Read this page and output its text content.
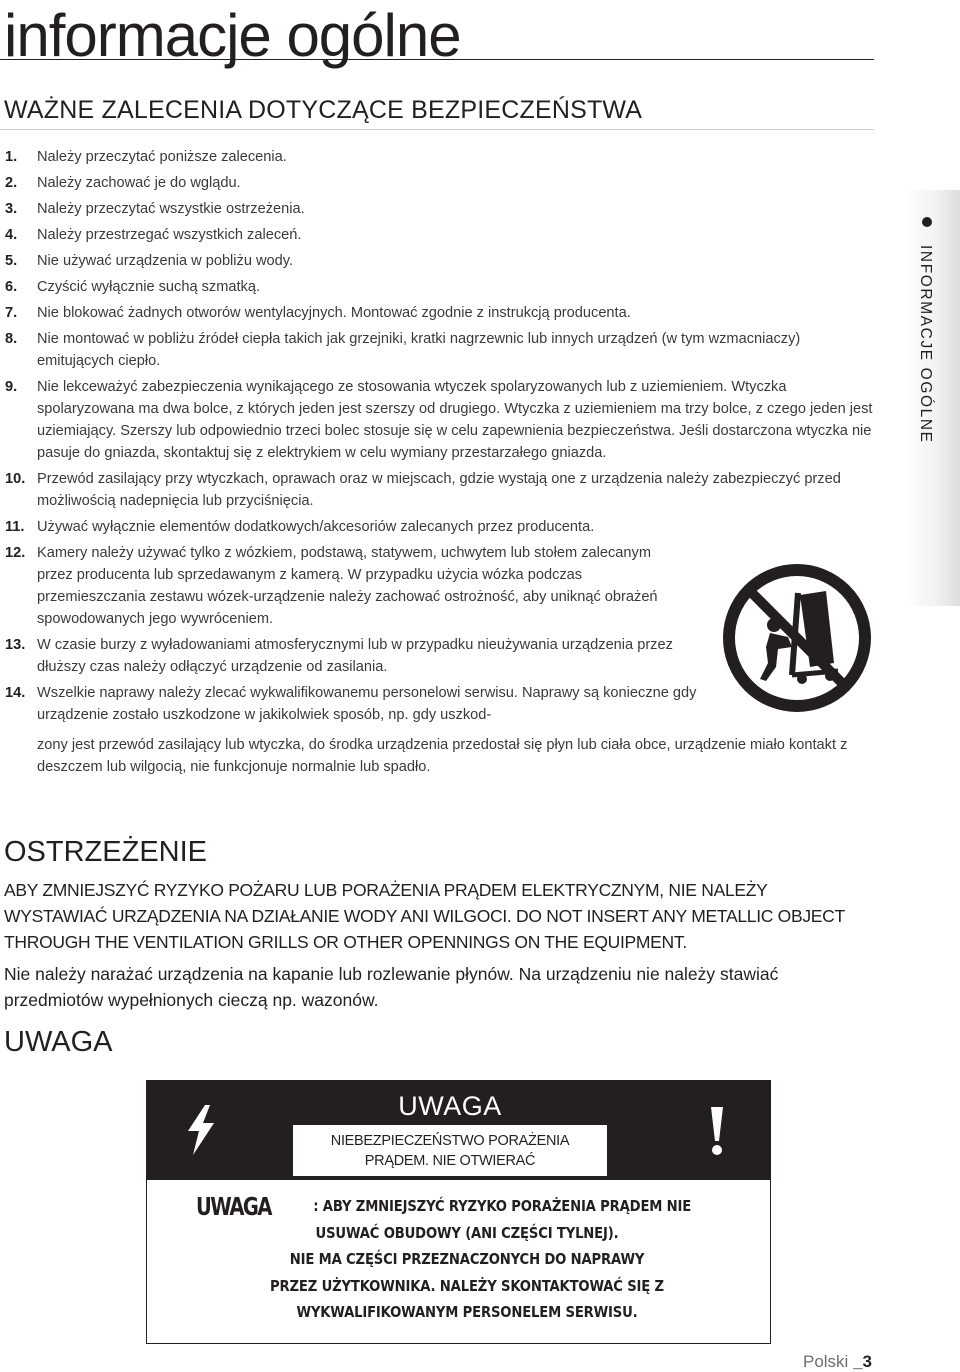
informacje ogólne
WAŻNE ZALECENIA DOTYCZĄCE BEZPIECZEŃSTWA
1. Należy przeczytać poniższe zalecenia.
2. Należy zachować je do wglądu.
3. Należy przeczytać wszystkie ostrzeżenia.
4. Należy przestrzegać wszystkich zaleceń.
5. Nie używać urządzenia w pobliżu wody.
6. Czyścić wyłącznie suchą szmatką.
7. Nie blokować żadnych otworów wentylacyjnych. Montować zgodnie z instrukcją producenta.
8. Nie montować w pobliżu źródeł ciepła takich jak grzejniki, kratki nagrzewnic lub innych urządzeń (w tym wzmacniaczy) emitujących ciepło.
9. Nie lekceważyć zabezpieczenia wynikającego ze stosowania wtyczek spolaryzowanych lub z uziemieniem. Wtyczka spolaryzowana ma dwa bolce, z których jeden jest szerszy od drugiego. Wtyczka z uziemieniem ma trzy bolce, z czego jeden jest uziemiający. Szerszy lub odpowiednio trzeci bolec stosuje się w celu zapewnienia bezpieczeństwa. Jeśli dostarczona wtyczka nie pasuje do gniazda, skontaktuj się z elektrykiem w celu wymiany przestarzałego gniazda.
10. Przewód zasilający przy wtyczkach, oprawach oraz w miejscach, gdzie wystają one z urządzenia należy zabezpieczyć przed możliwością nadepnięcia lub przyciśnięcia.
11. Używać wyłącznie elementów dodatkowych/akcesoriów zalecanych przez producenta.
12. Kamery należy używać tylko z wózkiem, podstawą, statywem, uchwytem lub stołem zalecanym przez producenta lub sprzedawanym z kamerą. W przypadku użycia wózka podczas przemieszczania zestawu wózek-urządzenie należy zachować ostrożność, aby uniknąć obrażeń spowodowanych jego wywróceniem.
13. W czasie burzy z wyładowaniami atmosferycznymi lub w przypadku nieużywania urządzenia przez dłuższy czas należy odłączyć urządzenie od zasilania.
14. Wszelkie naprawy należy zlecać wykwalifikowanemu personelowi serwisu. Naprawy są konieczne gdy urządzenie zostało uszkodzone w jakikolwiek sposób, np. gdy uszkod-
zony jest przewód zasilający lub wtyczka, do środka urządzenia przedostał się płyn lub ciała obce, urządzenie miało kontakt z deszczem lub wilgocią, nie funkcjonuje normalnie lub spadło.
INFORMACJE OGÓLNE
OSTRZEŻENIE
ABY ZMNIEJSZYĆ RYZYKO POŻARU LUB PORAŻENIA PRĄDEM ELEKTRYCZNYM, NIE NALEŻY WYSTAWIAĆ URZĄDZENIA NA DZIAŁANIE WODY ANI WILGOCI. DO NOT INSERT ANY METALLIC OBJECT THROUGH THE VENTILATION GRILLS OR OTHER OPENNINGS ON THE EQUIPMENT.
Nie należy narażać urządzenia na kapanie lub rozlewanie płynów. Na urządzeniu nie należy stawiać przedmiotów wypełnionych cieczą np. wazonów.
UWAGA
UWAGA
NIEBEZPIECZEŃSTWO PORAŻENIA
PRĄDEM. NIE OTWIERAĆ
UWAGA	: ABY ZMNIEJSZYĆ RYZYKO PORAŻENIA PRĄDEM NIE
USUWAĆ OBUDOWY (ANI CZĘŚCI TYLNEJ).
NIE MA CZĘŚCI PRZEZNACZONYCH DO NAPRAWY
PRZEZ UŻYTKOWNIKA. NALEŻY SKONTAKTOWAĆ SIĘ Z
WYKWALIFIKOWANYM PERSONELEM SERWISU.
Polski _3
